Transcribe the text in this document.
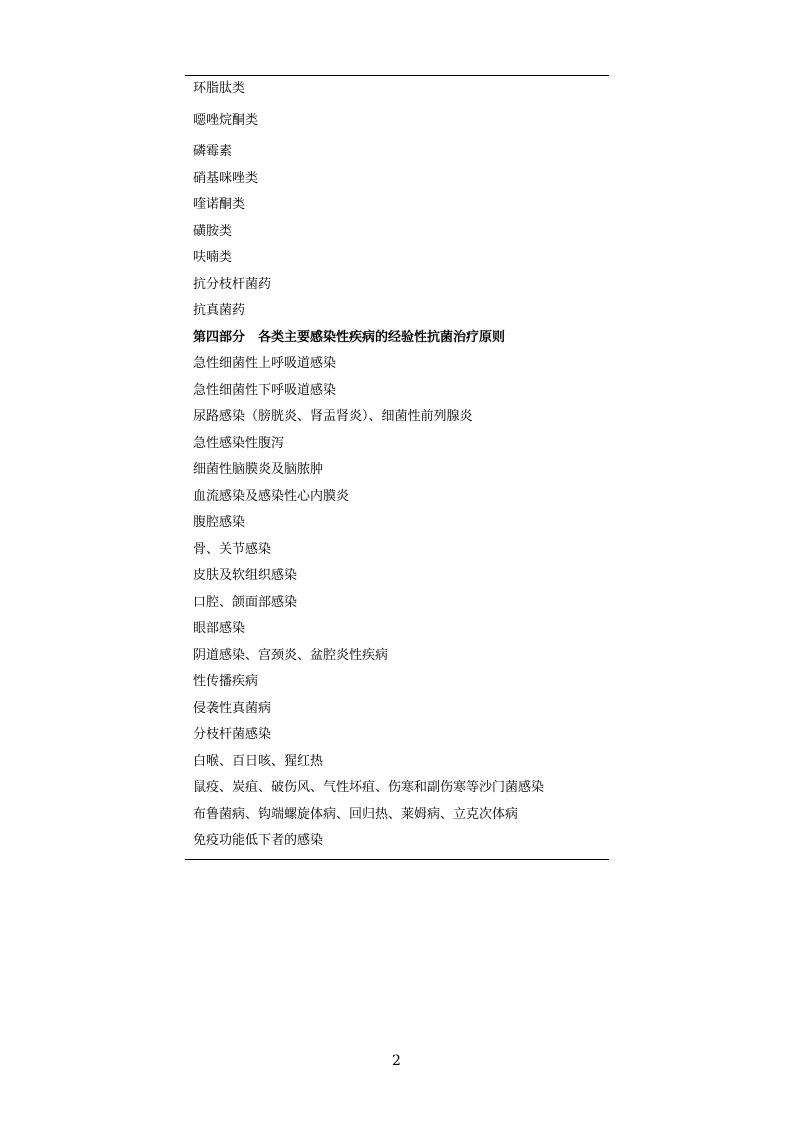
环脂肽类
噁唑烷酮类
磷霉素
硝基咪唑类
喹诺酮类
磺胺类
呋喃类
抗分枝杆菌药
抗真菌药
第四部分　各类主要感染性疾病的经验性抗菌治疗原则
急性细菌性上呼吸道感染
急性细菌性下呼吸道感染
尿路感染（膀胱炎、肾盂肾炎）、细菌性前列腺炎
急性感染性腹泻
细菌性脑膜炎及脑脓肿
血流感染及感染性心内膜炎
腹腔感染
骨、关节感染
皮肤及软组织感染
口腔、颌面部感染
眼部感染
阴道感染、宫颈炎、盆腔炎性疾病
性传播疾病
侵袭性真菌病
分枝杆菌感染
白喉、百日咳、猩红热
鼠疫、炭疽、破伤风、气性坏疽、伤寒和副伤寒等沙门菌感染
布鲁菌病、钩端螺旋体病、回归热、莱姆病、立克次体病
免疫功能低下者的感染
2
